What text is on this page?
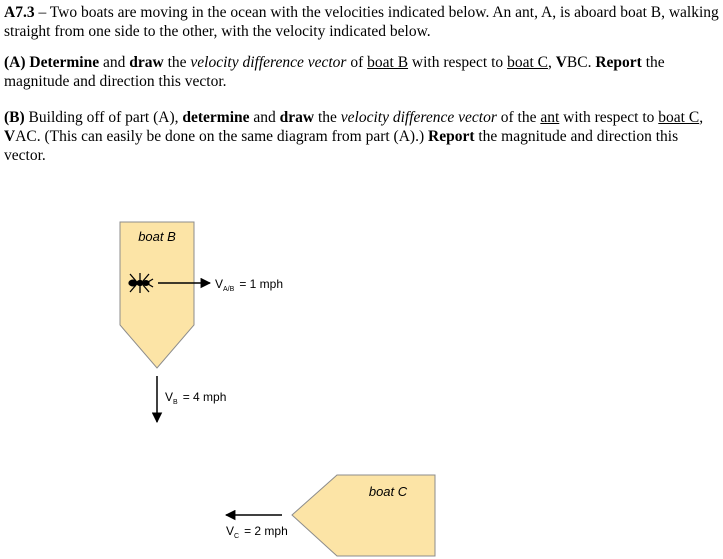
A7.3 – Two boats are moving in the ocean with the velocities indicated below. An ant, A, is aboard boat B, walking straight from one side to the other, with the velocity indicated below.

(A) Determine and draw the velocity difference vector of boat B with respect to boat C, VBC. Report the magnitude and direction this vector.

(B) Building off of part (A), determine and draw the velocity difference vector of the ant with respect to boat C, VAC. (This can easily be done on the same diagram from part (A).) Report the magnitude and direction this vector.

boat B
$V_{A/B} = 1$ mph
$V_B = 4$ mph
boat C
$V_C = 2$ mph
